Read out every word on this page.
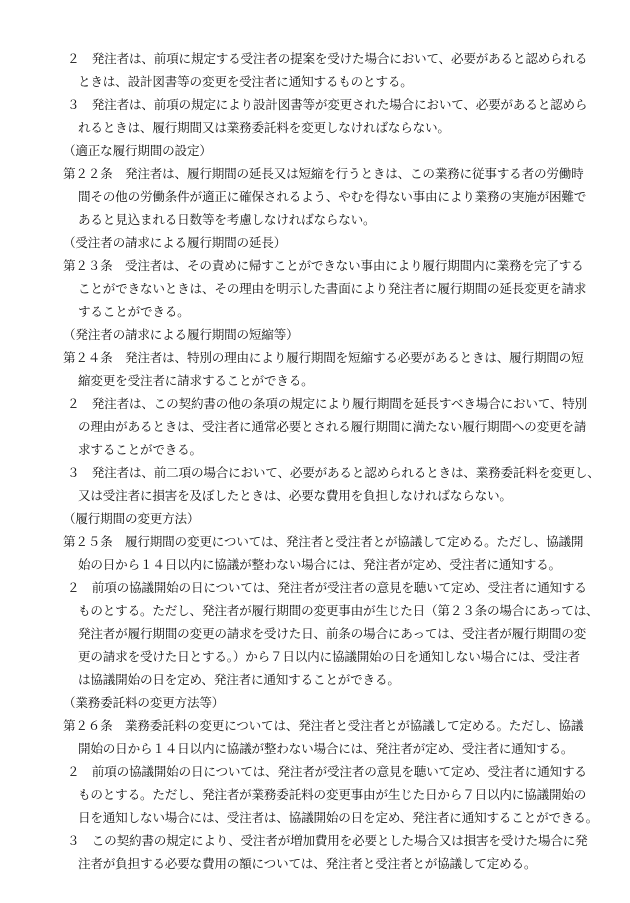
２　発注者は、前項に規定する受注者の提案を受けた場合において、必要があると認められる
ときは、設計図書等の変更を受注者に通知するものとする。
３　発注者は、前項の規定により設計図書等が変更された場合において、必要があると認めら
れるときは、履行期間又は業務委託料を変更しなければならない。
（適正な履行期間の設定）
第２２条　発注者は、履行期間の延長又は短縮を行うときは、この業務に従事する者の労働時
間その他の労働条件が適正に確保されるよう、やむを得ない事由により業務の実施が困難で
あると見込まれる日数等を考慮しなければならない。
（受注者の請求による履行期間の延長）
第２３条　受注者は、その責めに帰すことができない事由により履行期間内に業務を完了する
ことができないときは、その理由を明示した書面により発注者に履行期間の延長変更を請求
することができる。
（発注者の請求による履行期間の短縮等）
第２４条　発注者は、特別の理由により履行期間を短縮する必要があるときは、履行期間の短
縮変更を受注者に請求することができる。
２　発注者は、この契約書の他の条項の規定により履行期間を延長すべき場合において、特別
の理由があるときは、受注者に通常必要とされる履行期間に満たない履行期間への変更を請
求することができる。
３　発注者は、前二項の場合において、必要があると認められるときは、業務委託料を変更し、
又は受注者に損害を及ぼしたときは、必要な費用を負担しなければならない。
（履行期間の変更方法）
第２５条　履行期間の変更については、発注者と受注者とが協議して定める。ただし、協議開
始の日から１４日以内に協議が整わない場合には、発注者が定め、受注者に通知する。
２　前項の協議開始の日については、発注者が受注者の意見を聴いて定め、受注者に通知する
ものとする。ただし、発注者が履行期間の変更事由が生じた日（第２３条の場合にあっては、
発注者が履行期間の変更の請求を受けた日、前条の場合にあっては、受注者が履行期間の変
更の請求を受けた日とする。）から７日以内に協議開始の日を通知しない場合には、受注者
は協議開始の日を定め、発注者に通知することができる。
（業務委託料の変更方法等）
第２６条　業務委託料の変更については、発注者と受注者とが協議して定める。ただし、協議
開始の日から１４日以内に協議が整わない場合には、発注者が定め、受注者に通知する。
２　前項の協議開始の日については、発注者が受注者の意見を聴いて定め、受注者に通知する
ものとする。ただし、発注者が業務委託料の変更事由が生じた日から７日以内に協議開始の
日を通知しない場合には、受注者は、協議開始の日を定め、発注者に通知することができる。
３　この契約書の規定により、受注者が増加費用を必要とした場合又は損害を受けた場合に発
注者が負担する必要な費用の額については、発注者と受注者とが協議して定める。
